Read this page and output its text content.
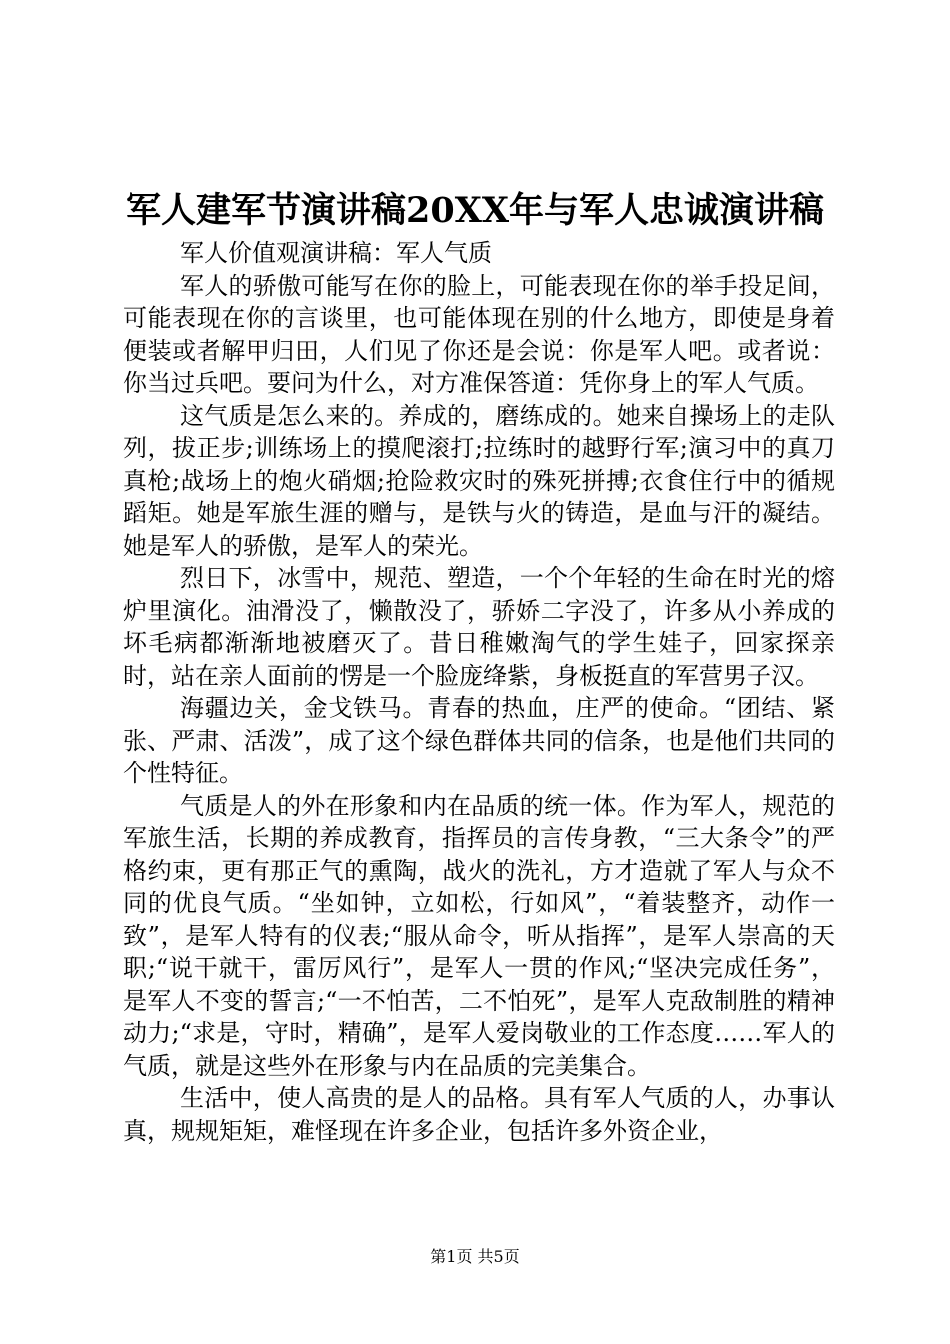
军人建军节演讲稿20XX年与军人忠诚演讲稿

军人价值观演讲稿：军人气质

军人的骄傲可能写在你的脸上，可能表现在你的举手投足间，可能表现在你的言谈里，也可能体现在别的什么地方，即使是身着便装或者解甲归田，人们见了你还是会说：你是军人吧。或者说：你当过兵吧。要问为什么，对方准保答道：凭你身上的军人气质。

这气质是怎么来的。养成的，磨练成的。她来自操场上的走队列，拔正步;训练场上的摸爬滚打;拉练时的越野行军;演习中的真刀真枪;战场上的炮火硝烟;抢险救灾时的殊死拼搏;衣食住行中的循规蹈矩。她是军旅生涯的赠与，是铁与火的铸造，是血与汗的凝结。她是军人的骄傲，是军人的荣光。

烈日下，冰雪中，规范、塑造，一个个年轻的生命在时光的熔炉里演化。油滑没了，懒散没了，骄娇二字没了，许多从小养成的坏毛病都渐渐地被磨灭了。昔日稚嫩淘气的学生娃子，回家探亲时，站在亲人面前的愣是一个脸庞绛紫，身板挺直的军营男子汉。

海疆边关，金戈铁马。青春的热血，庄严的使命。“团结、紧张、严肃、活泼”，成了这个绿色群体共同的信条，也是他们共同的个性特征。

气质是人的外在形象和内在品质的统一体。作为军人，规范的军旅生活，长期的养成教育，指挥员的言传身教，“三大条令”的严格约束，更有那正气的熏陶，战火的洗礼，方才造就了军人与众不同的优良气质。“坐如钟，立如松，行如风”，“着装整齐，动作一致”，是军人特有的仪表;“服从命令，听从指挥”，是军人崇高的天职;“说干就干，雷厉风行”，是军人一贯的作风;“坚决完成任务”，是军人不变的誓言;“一不怕苦，二不怕死”，是军人克敌制胜的精神动力;“求是，守时，精确”，是军人爱岗敬业的工作态度……军人的气质，就是这些外在形象与内在品质的完美集合。

生活中，使人高贵的是人的品格。具有军人气质的人，办事认真，规规矩矩，难怪现在许多企业，包括许多外资企业，

第1页 共5页
